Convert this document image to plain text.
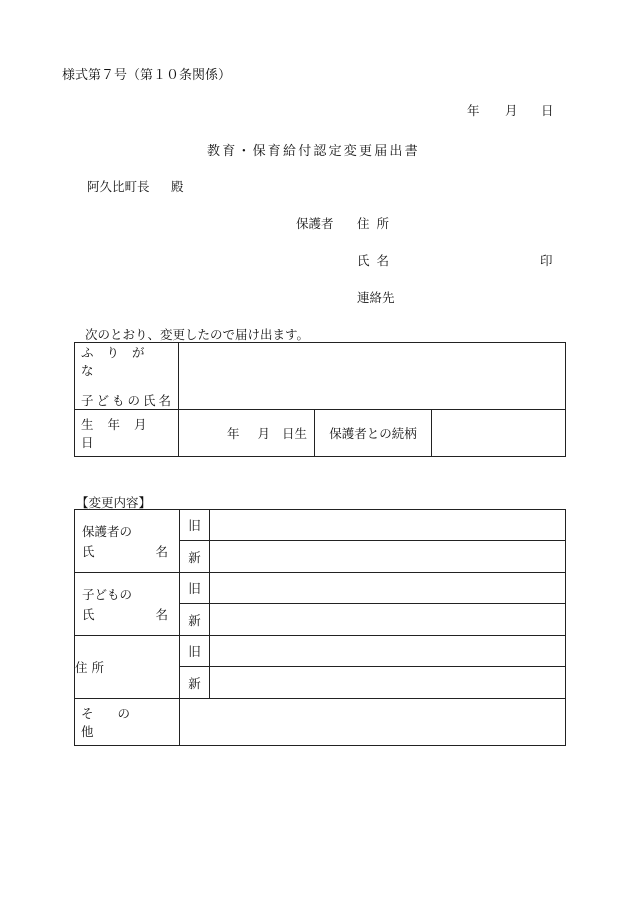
様式第７号（第１０条関係）
年 月 日
教育・保育給付認定変更届出書
阿久比町長 殿
保護者 住所
氏名	印
連絡先
次のとおり、変更したので届け出ます。
ふりがな
子どもの氏名			

生年月日	年 月 日生	保護者との続柄	
【変更内容】
保護者の
氏 名	旧	
	新	

子どもの
氏 名	旧	
	新	

住 所	旧	
	新	
その他		
